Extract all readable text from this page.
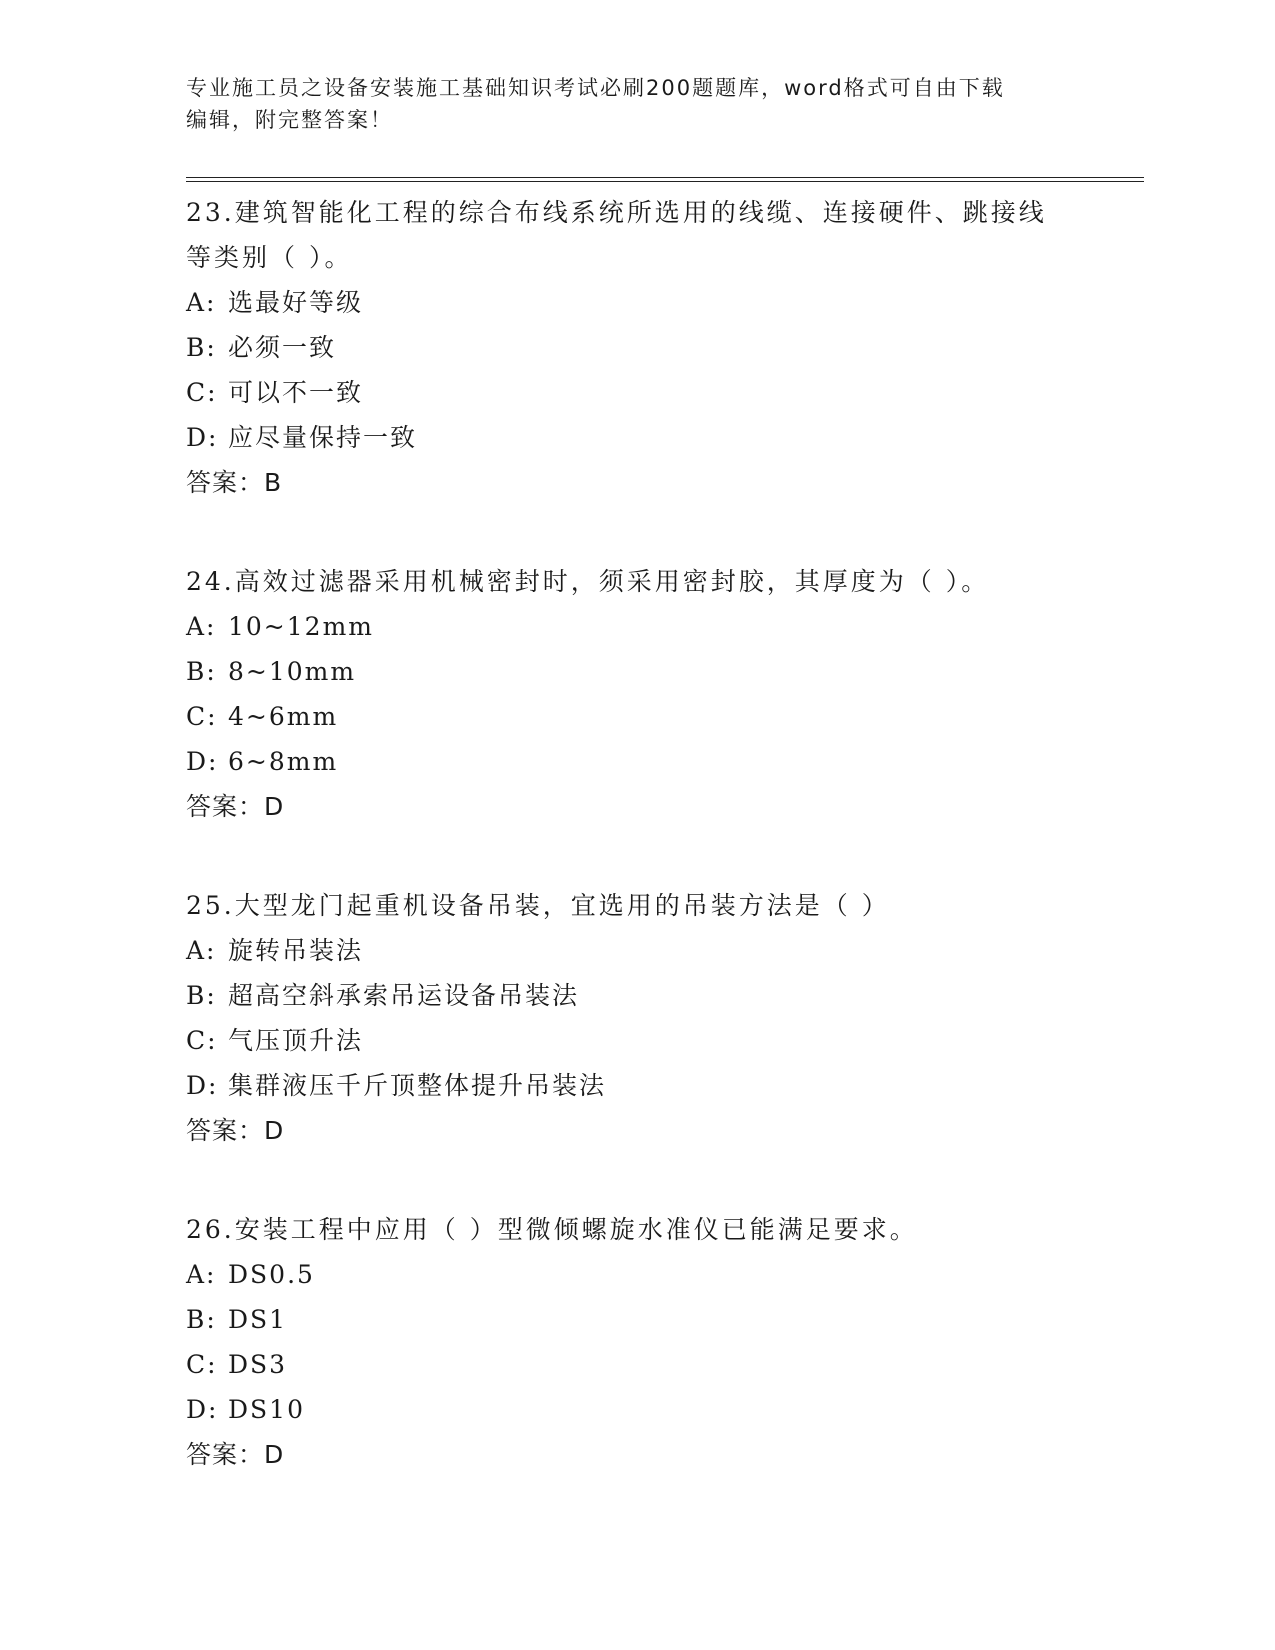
专业施工员之设备安装施工基础知识考试必刷200题题库，word格式可自由下载
编辑，附完整答案！

23.建筑智能化工程的综合布线系统所选用的线缆、连接硬件、跳接线

等类别（ ）。

A: 选最好等级

B: 必须一致

C: 可以不一致

D: 应尽量保持一致

答案：B

24.高效过滤器采用机械密封时，须采用密封胶，其厚度为（ ）。

A: 10~12mm

B: 8~10mm

C: 4~6mm

D: 6~8mm

答案：D

25.大型龙门起重机设备吊装，宜选用的吊装方法是（ ）

A: 旋转吊装法

B: 超高空斜承索吊运设备吊装法

C: 气压顶升法

D: 集群液压千斤顶整体提升吊装法

答案：D

26.安装工程中应用（ ）型微倾螺旋水准仪已能满足要求。

A: DS0.5

B: DS1

C: DS3

D: DS10

答案：D
